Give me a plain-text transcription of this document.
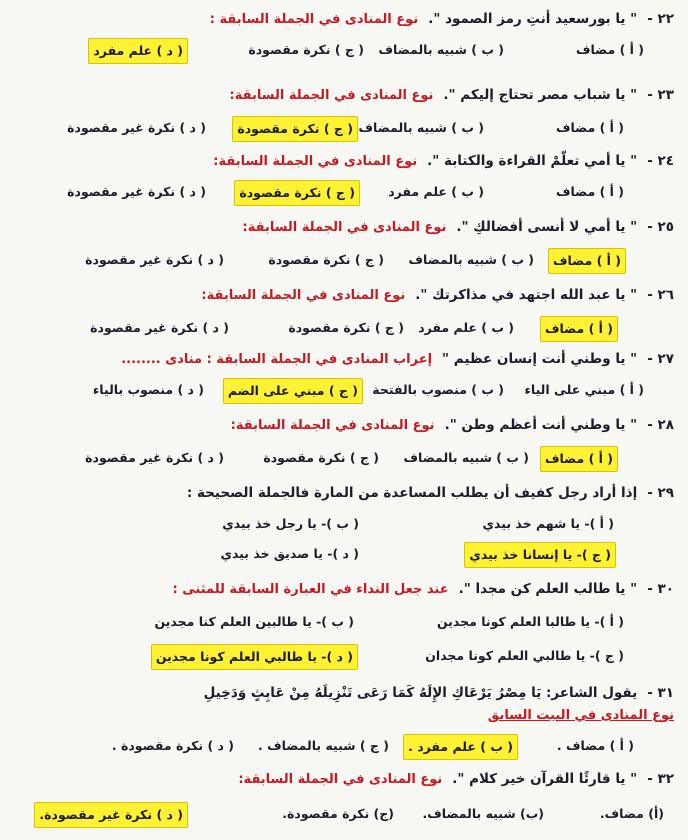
٢٢ -
" يا بورسعيد أنتِ رمز الصمود ".
نوع المنادى في الجملة السابقة :
( أ ) مضاف
( ب ) شبيه بالمضاف
( ج ) نكرة مقصودة
( د ) علم مفرد
٢٣ -
" يا شباب مصر تحتاج إليكم ".
نوع المنادى في الجملة السابقة:
( أ ) مضاف
( ب ) شبيه بالمضاف
( ج ) نكرة مقصودة
( د ) نكرة غير مقصودة
٢٤ -
" يا أمي تعلّمْ القراءة والكتابة ".
نوع المنادى في الجملة السابقة:
( أ ) مضاف
( ب ) علم مفرد
( ج ) نكرة مقصودة
( د ) نكرة غير مقصودة
٢٥ -
" يا أمي لا أنسى أفضالكِ ".
نوع المنادى في الجملة السابقة:
( أ ) مضاف
( ب ) شبيه بالمضاف
( ج ) نكرة مقصودة
( د ) نكرة غير مقصودة
٢٦ -
" يا عبد الله اجتهد في مذاكرتك ".
نوع المنادى في الجملة السابقة:
( أ ) مضاف
( ب ) علم مفرد
( ج ) نكرة مقصودة
( د ) نكرة غير مقصودة
٢٧ -
" يا وطني أنت إنسان عظيم "
إعراب المنادى في الجملة السابقة : منادى ........
( أ ) مبني على الياء
( ب ) منصوب بالفتحة
( ج ) مبني على الضم
( د ) منصوب بالياء
٢٨ -
" يا وطني أنت أعظم وطن ".
نوع المنادى في الجملة السابقة:
( أ ) مضاف
( ب ) شبيه بالمضاف
( ج ) نكرة مقصودة
( د ) نكرة غير مقصودة
٢٩ -
إذا أراد رجل كفيف أن يطلب المساعدة من المارة فالجملة الصحيحة :
( أ )- يا شهم خذ بيدي
( ب )- يا رجل خذ بيدي
( ج )- يا إنسانا خذ بيدي
( د )- يا صديق خذ بيدي
٣٠ -
" يا طالب العلم كن مجدا ".
عند جعل النداء في العبارة السابقة للمثنى :
( أ )- يا طالبا العلم كونا مجدين
( ب )- يا طالبين العلم كنا مجدين
( ج )- يا طالبي العلم كونا مجدان
( د )- يا طالبي العلم كونا مجدين
٣١ -
يقول الشاعر: يَا مِصْرُ يَرْعَاكِ الإِلَهُ كَمَا رَعَى تَنْزِيلَهُ مِنْ عَابِثٍ وَدَخِيلِ
نوع المنادى في البيت السابق
( أ ) مضاف .
( ب ) علم مفرد .
( ج ) شبيه بالمضاف .
( د ) نكرة مقصودة .
٣٢ -
" يا قارئًا القرآن خير كلام ".
نوع المنادى في الجملة السابقة:
(أ) مضاف.
(ب) شبيه بالمضاف.
(ج) نكرة مقصودة.
( د ) نكرة غير مقصودة.
